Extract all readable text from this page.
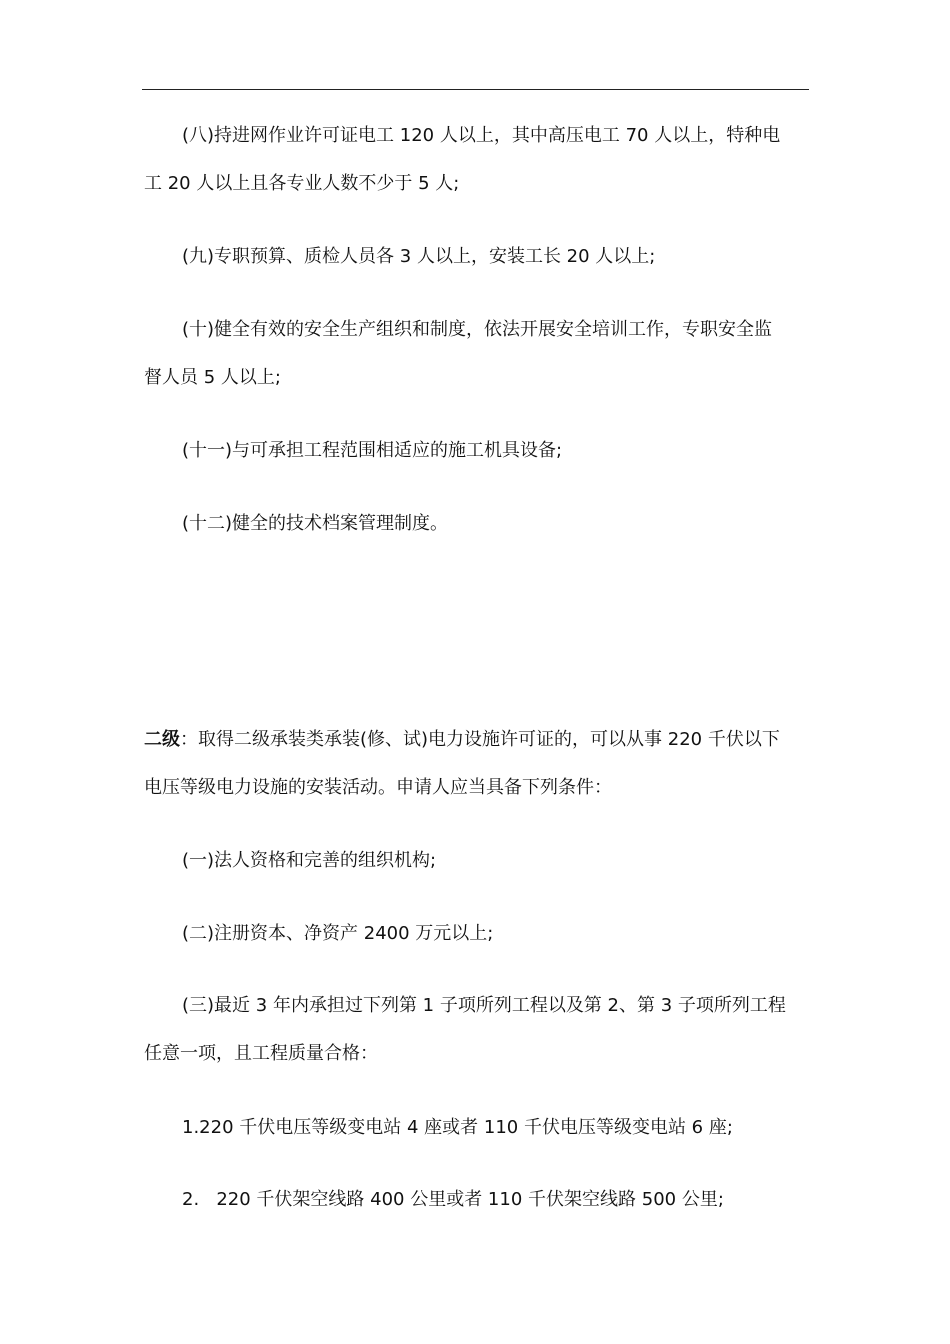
(八)持进网作业许可证电工 120 人以上，其中高压电工 70 人以上，特种电
工 20 人以上且各专业人数不少于 5 人;
(九)专职预算、质检人员各 3 人以上，安装工长 20 人以上;
(十)健全有效的安全生产组织和制度，依法开展安全培训工作，专职安全监
督人员 5 人以上;
(十一)与可承担工程范围相适应的施工机具设备;
(十二)健全的技术档案管理制度。
二级：取得二级承装类承装(修、试)电力设施许可证的，可以从事 220 千伏以下
电压等级电力设施的安装活动。申请人应当具备下列条件：
(一)法人资格和完善的组织机构;
(二)注册资本、净资产 2400 万元以上;
(三)最近 3 年内承担过下列第 1 子项所列工程以及第 2、第 3 子项所列工程
任意一项，且工程质量合格：
1.220 千伏电压等级变电站 4 座或者 110 千伏电压等级变电站 6 座;
2.   220 千伏架空线路 400 公里或者 110 千伏架空线路 500 公里;
